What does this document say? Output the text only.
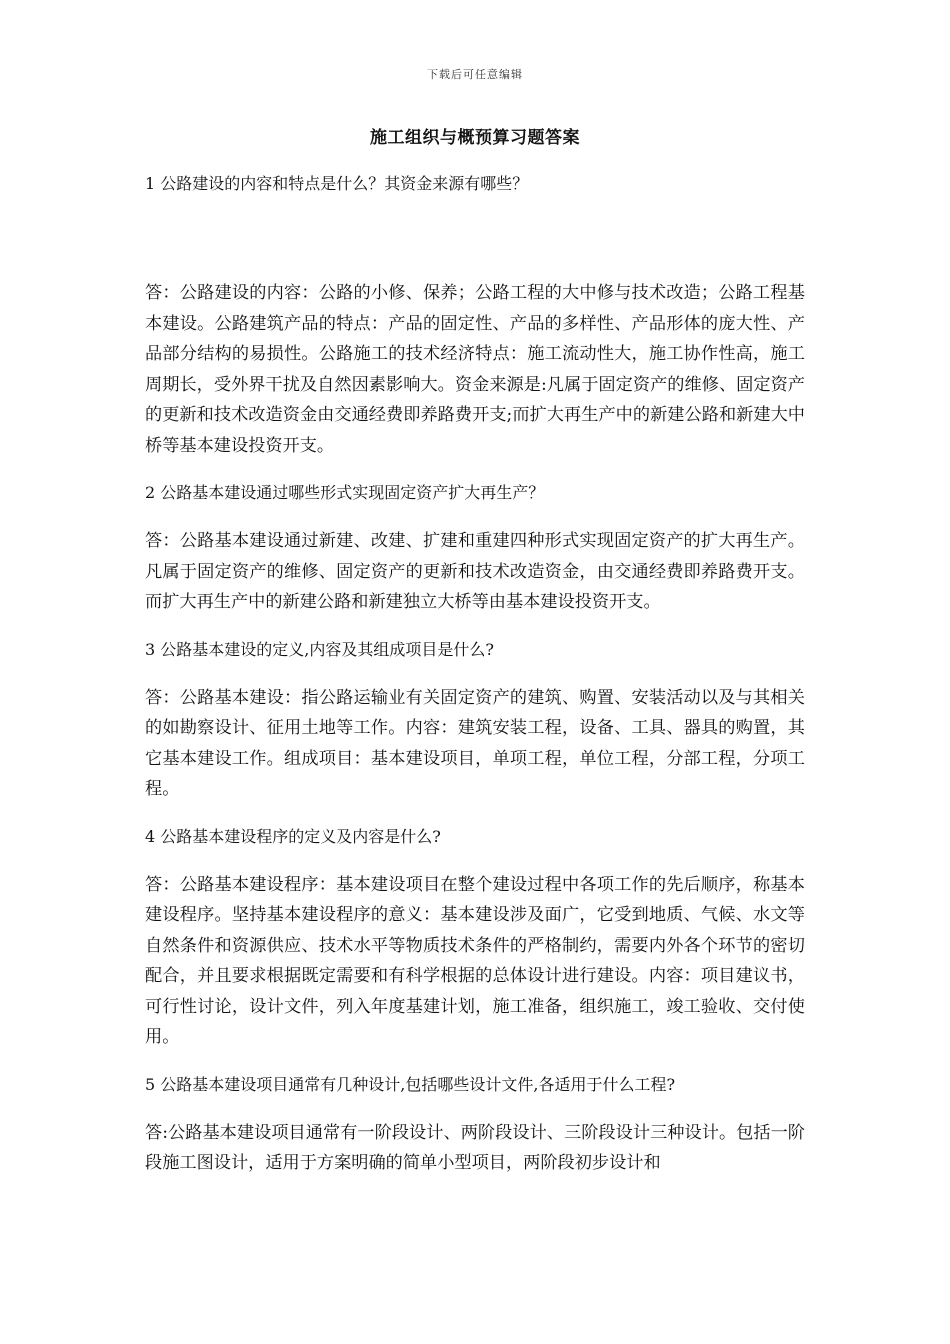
下载后可任意编辑
施工组织与概预算习题答案

1 公路建设的内容和特点是什么？其资金来源有哪些？

答：公路建设的内容：公路的小修、保养；公路工程的大中修与技术改造；公路工程基本建设。公路建筑产品的特点：产品的固定性、产品的多样性、产品形体的庞大性、产品部分结构的易损性。公路施工的技术经济特点：施工流动性大，施工协作性高，施工周期长，受外界干扰及自然因素影响大。资金来源是:凡属于固定资产的维修、固定资产的更新和技术改造资金由交通经费即养路费开支;而扩大再生产中的新建公路和新建大中桥等基本建设投资开支。

2 公路基本建设通过哪些形式实现固定资产扩大再生产？

答：公路基本建设通过新建、改建、扩建和重建四种形式实现固定资产的扩大再生产。凡属于固定资产的维修、固定资产的更新和技术改造资金，由交通经费即养路费开支。而扩大再生产中的新建公路和新建独立大桥等由基本建设投资开支。

3 公路基本建设的定义,内容及其组成项目是什么?

答：公路基本建设：指公路运输业有关固定资产的建筑、购置、安装活动以及与其相关的如勘察设计、征用土地等工作。内容：建筑安装工程，设备、工具、器具的购置，其它基本建设工作。组成项目：基本建设项目，单项工程，单位工程，分部工程，分项工程。

4 公路基本建设程序的定义及内容是什么?

答：公路基本建设程序：基本建设项目在整个建设过程中各项工作的先后顺序，称基本建设程序。坚持基本建设程序的意义：基本建设涉及面广，它受到地质、气候、水文等自然条件和资源供应、技术水平等物质技术条件的严格制约，需要内外各个环节的密切配合，并且要求根据既定需要和有科学根据的总体设计进行建设。内容：项目建议书，可行性讨论，设计文件，列入年度基建计划，施工准备，组织施工，竣工验收、交付使用。

5 公路基本建设项目通常有几种设计,包括哪些设计文件,各适用于什么工程?

答:公路基本建设项目通常有一阶段设计、两阶段设计、三阶段设计三种设计。包括一阶段施工图设计，适用于方案明确的简单小型项目，两阶段初步设计和
